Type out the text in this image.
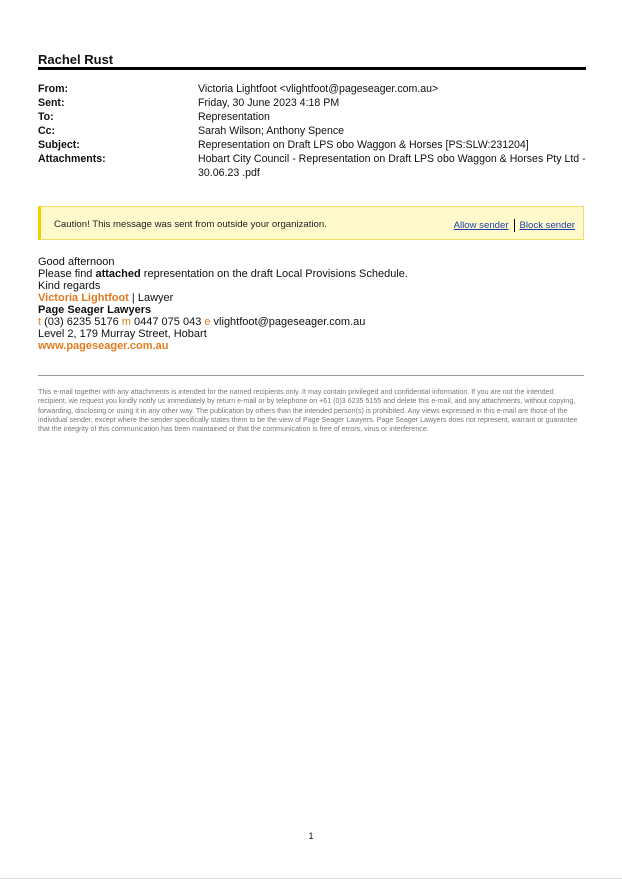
Rachel Rust
From:	Victoria Lightfoot <vlightfoot@pageseager.com.au>
Sent:	Friday, 30 June 2023 4:18 PM
To:	Representation
Cc:	Sarah Wilson; Anthony Spence
Subject:	Representation on Draft LPS obo Waggon & Horses [PS:SLW:231204]
Attachments:	Hobart City Council - Representation on Draft LPS obo Waggon & Horses Pty Ltd -
30.06.23 .pdf
Caution! This message was sent from outside your organization.	Allow sender Block sender
Good afternoon
Please find attached representation on the draft Local Provisions Schedule.
Kind regards
Victoria Lightfoot | Lawyer
Page Seager Lawyers
t (03) 6235 5176 m 0447 075 043 e vlightfoot@pageseager.com.au
Level 2, 179 Murray Street, Hobart
www.pageseager.com.au
This e-mail together with any attachments is intended for the named recipients only. It may contain privileged and confidential information. If you are not the intended recipient, we request you kindly notify us immediately by return e-mail or by telephone on +61 (0)3 6235 5155 and delete this e-mail, and any attachments, without copying, forwarding, disclosing or using it in any other way. The publication by others than the intended person(s) is prohibited. Any views expressed in this e-mail are those of the individual sender, except where the sender specifically states them to be the view of Page Seager Lawyers. Page Seager Lawyers does not represent, warrant or guarantee that the integrity of this communication has been maintained or that the communication is free of errors, virus or interference.
1
